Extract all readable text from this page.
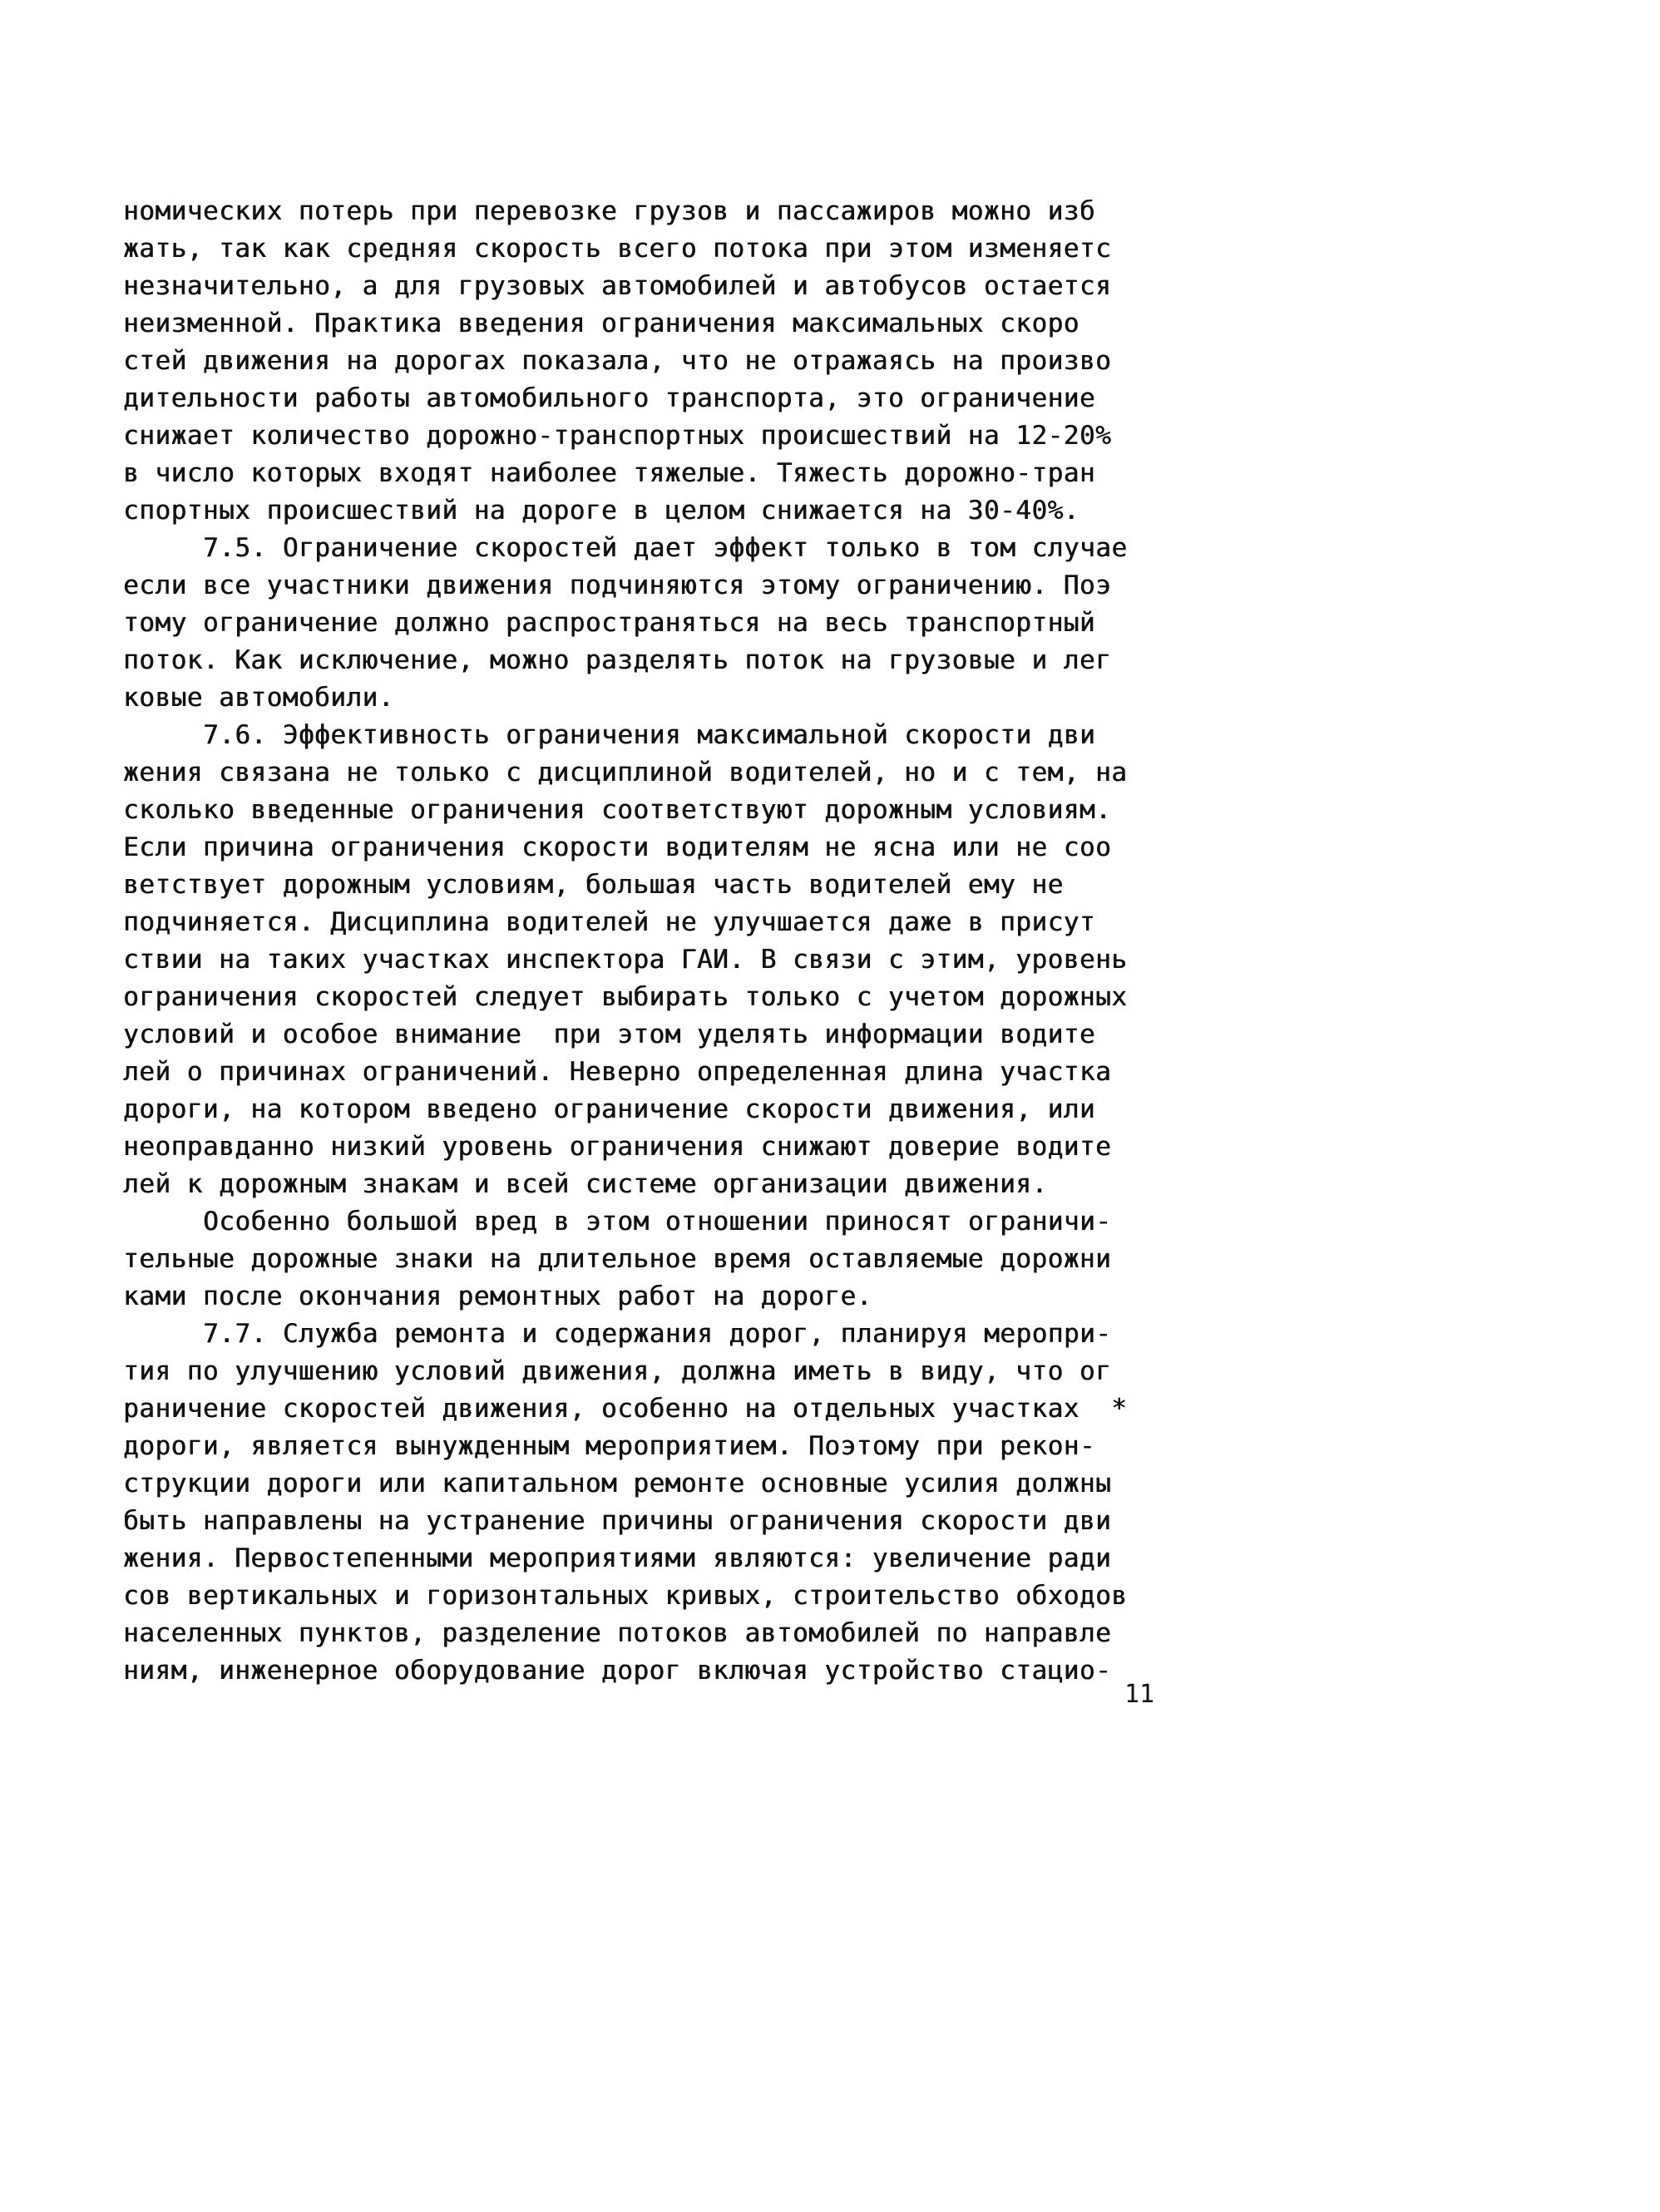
номических потерь при перевозке грузов и пассажиров можно изб
жать, так как средняя скорость всего потока при этом изменяетс
незначительно, а для грузовых автомобилей и автобусов остается
неизменной. Практика введения ограничения максимальных скоро
стей движения на дорогах показала, что не отражаясь на произво
дительности работы автомобильного транспорта, это ограничение
снижает количество дорожно-транспортных происшествий на 12-20%
в число которых входят наиболее тяжелые. Тяжесть дорожно-тран
спортных происшествий на дороге в целом снижается на 30-40%.
7.5. Ограничение скоростей дает эффект только в том случае
если все участники движения подчиняются этому ограничению. Поэ
тому ограничение должно распространяться на весь транспортный
поток. Как исключение, можно разделять поток на грузовые и лег
ковые автомобили.
7.6. Эффективность ограничения максимальной скорости дви
жения связана не только с дисциплиной водителей, но и с тем, на
сколько введенные ограничения соответствуют дорожным условиям.
Если причина ограничения скорости водителям не ясна или не соо
ветствует дорожным условиям, большая часть водителей ему не
подчиняется. Дисциплина водителей не улучшается даже в присут
ствии на таких участках инспектора ГАИ. В связи с этим, уровень
ограничения скоростей следует выбирать только с учетом дорожных
условий и особое внимание  при этом уделять информации водите
лей о причинах ограничений. Неверно определенная длина участка
дороги, на котором введено ограничение скорости движения, или
неоправданно низкий уровень ограничения снижают доверие водите
лей к дорожным знакам и всей системе организации движения.
Особенно большой вред в этом отношении приносят ограничи-
тельные дорожные знаки на длительное время оставляемые дорожни
ками после окончания ремонтных работ на дороге.
7.7. Служба ремонта и содержания дорог, планируя меропри-
тия по улучшению условий движения, должна иметь в виду, что ог
раничение скоростей движения, особенно на отдельных участках  *
дороги, является вынужденным мероприятием. Поэтому при рекон-
струкции дороги или капитальном ремонте основные усилия должны
быть направлены на устранение причины ограничения скорости дви
жения. Первостепенными мероприятиями являются: увеличение ради
сов вертикальных и горизонтальных кривых, строительство обходов
населенных пунктов, разделение потоков автомобилей по направле
ниям, инженерное оборудование дорог включая устройство стацио-
11
